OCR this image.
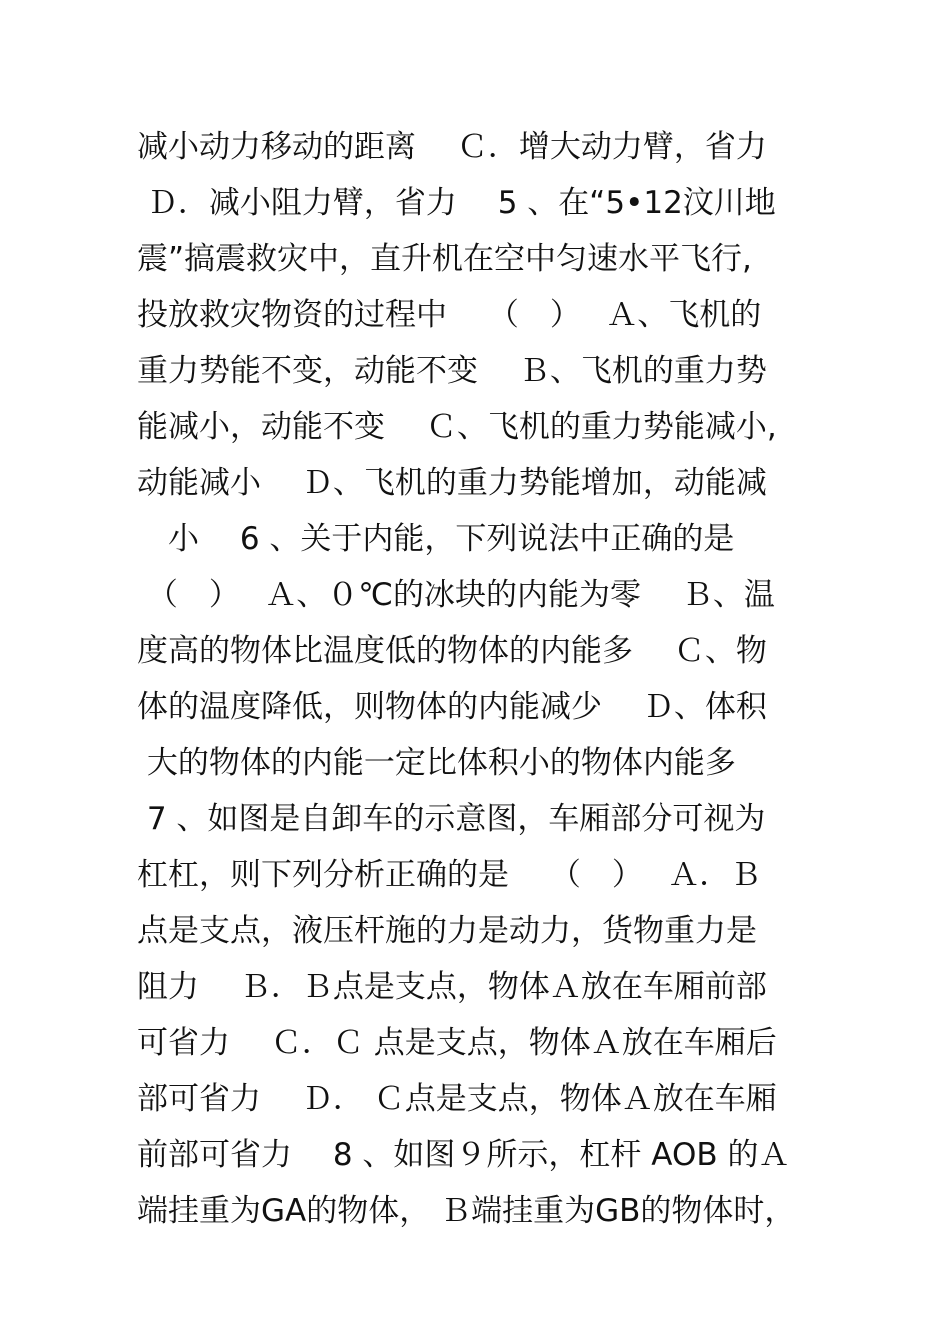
减小动力移动的距离　 Ｃ．增大动力臂，省力
Ｄ．减小阻力臂，省力　 5 、在“5•12汶川地
震”搞震救灾中，直升机在空中匀速水平飞行,
投放救灾物资的过程中　 （　）　 Ａ、飞机的
重力势能不变，动能不变　 Ｂ、飞机的重力势
能减小，动能不变　 Ｃ、飞机的重力势能减小,
动能减小　 Ｄ、飞机的重力势能增加，动能减
　小　 6 、关于内能，下列说法中正确的是
（　）　 Ａ、０℃的冰块的内能为零　 Ｂ、温
度高的物体比温度低的物体的内能多　 Ｃ、物
体的温度降低，则物体的内能减少　 Ｄ、体积
大的物体的内能一定比体积小的物体内能多
7 、如图是自卸车的示意图，车厢部分可视为
杠杠，则下列分析正确的是　 （　）　 Ａ．Ｂ
点是支点，液压杆施的力是动力，货物重力是
阻力　 Ｂ．Ｂ点是支点，物体Ａ放在车厢前部
可省力　 Ｃ．Ｃ 点是支点，物体Ａ放在车厢后
部可省力　 Ｄ． Ｃ点是支点，物体Ａ放在车厢
前部可省力　 8 、如图９所示，杠杆 AOB 的Ａ
端挂重为GA的物体， Ｂ端挂重为GB的物体时，
